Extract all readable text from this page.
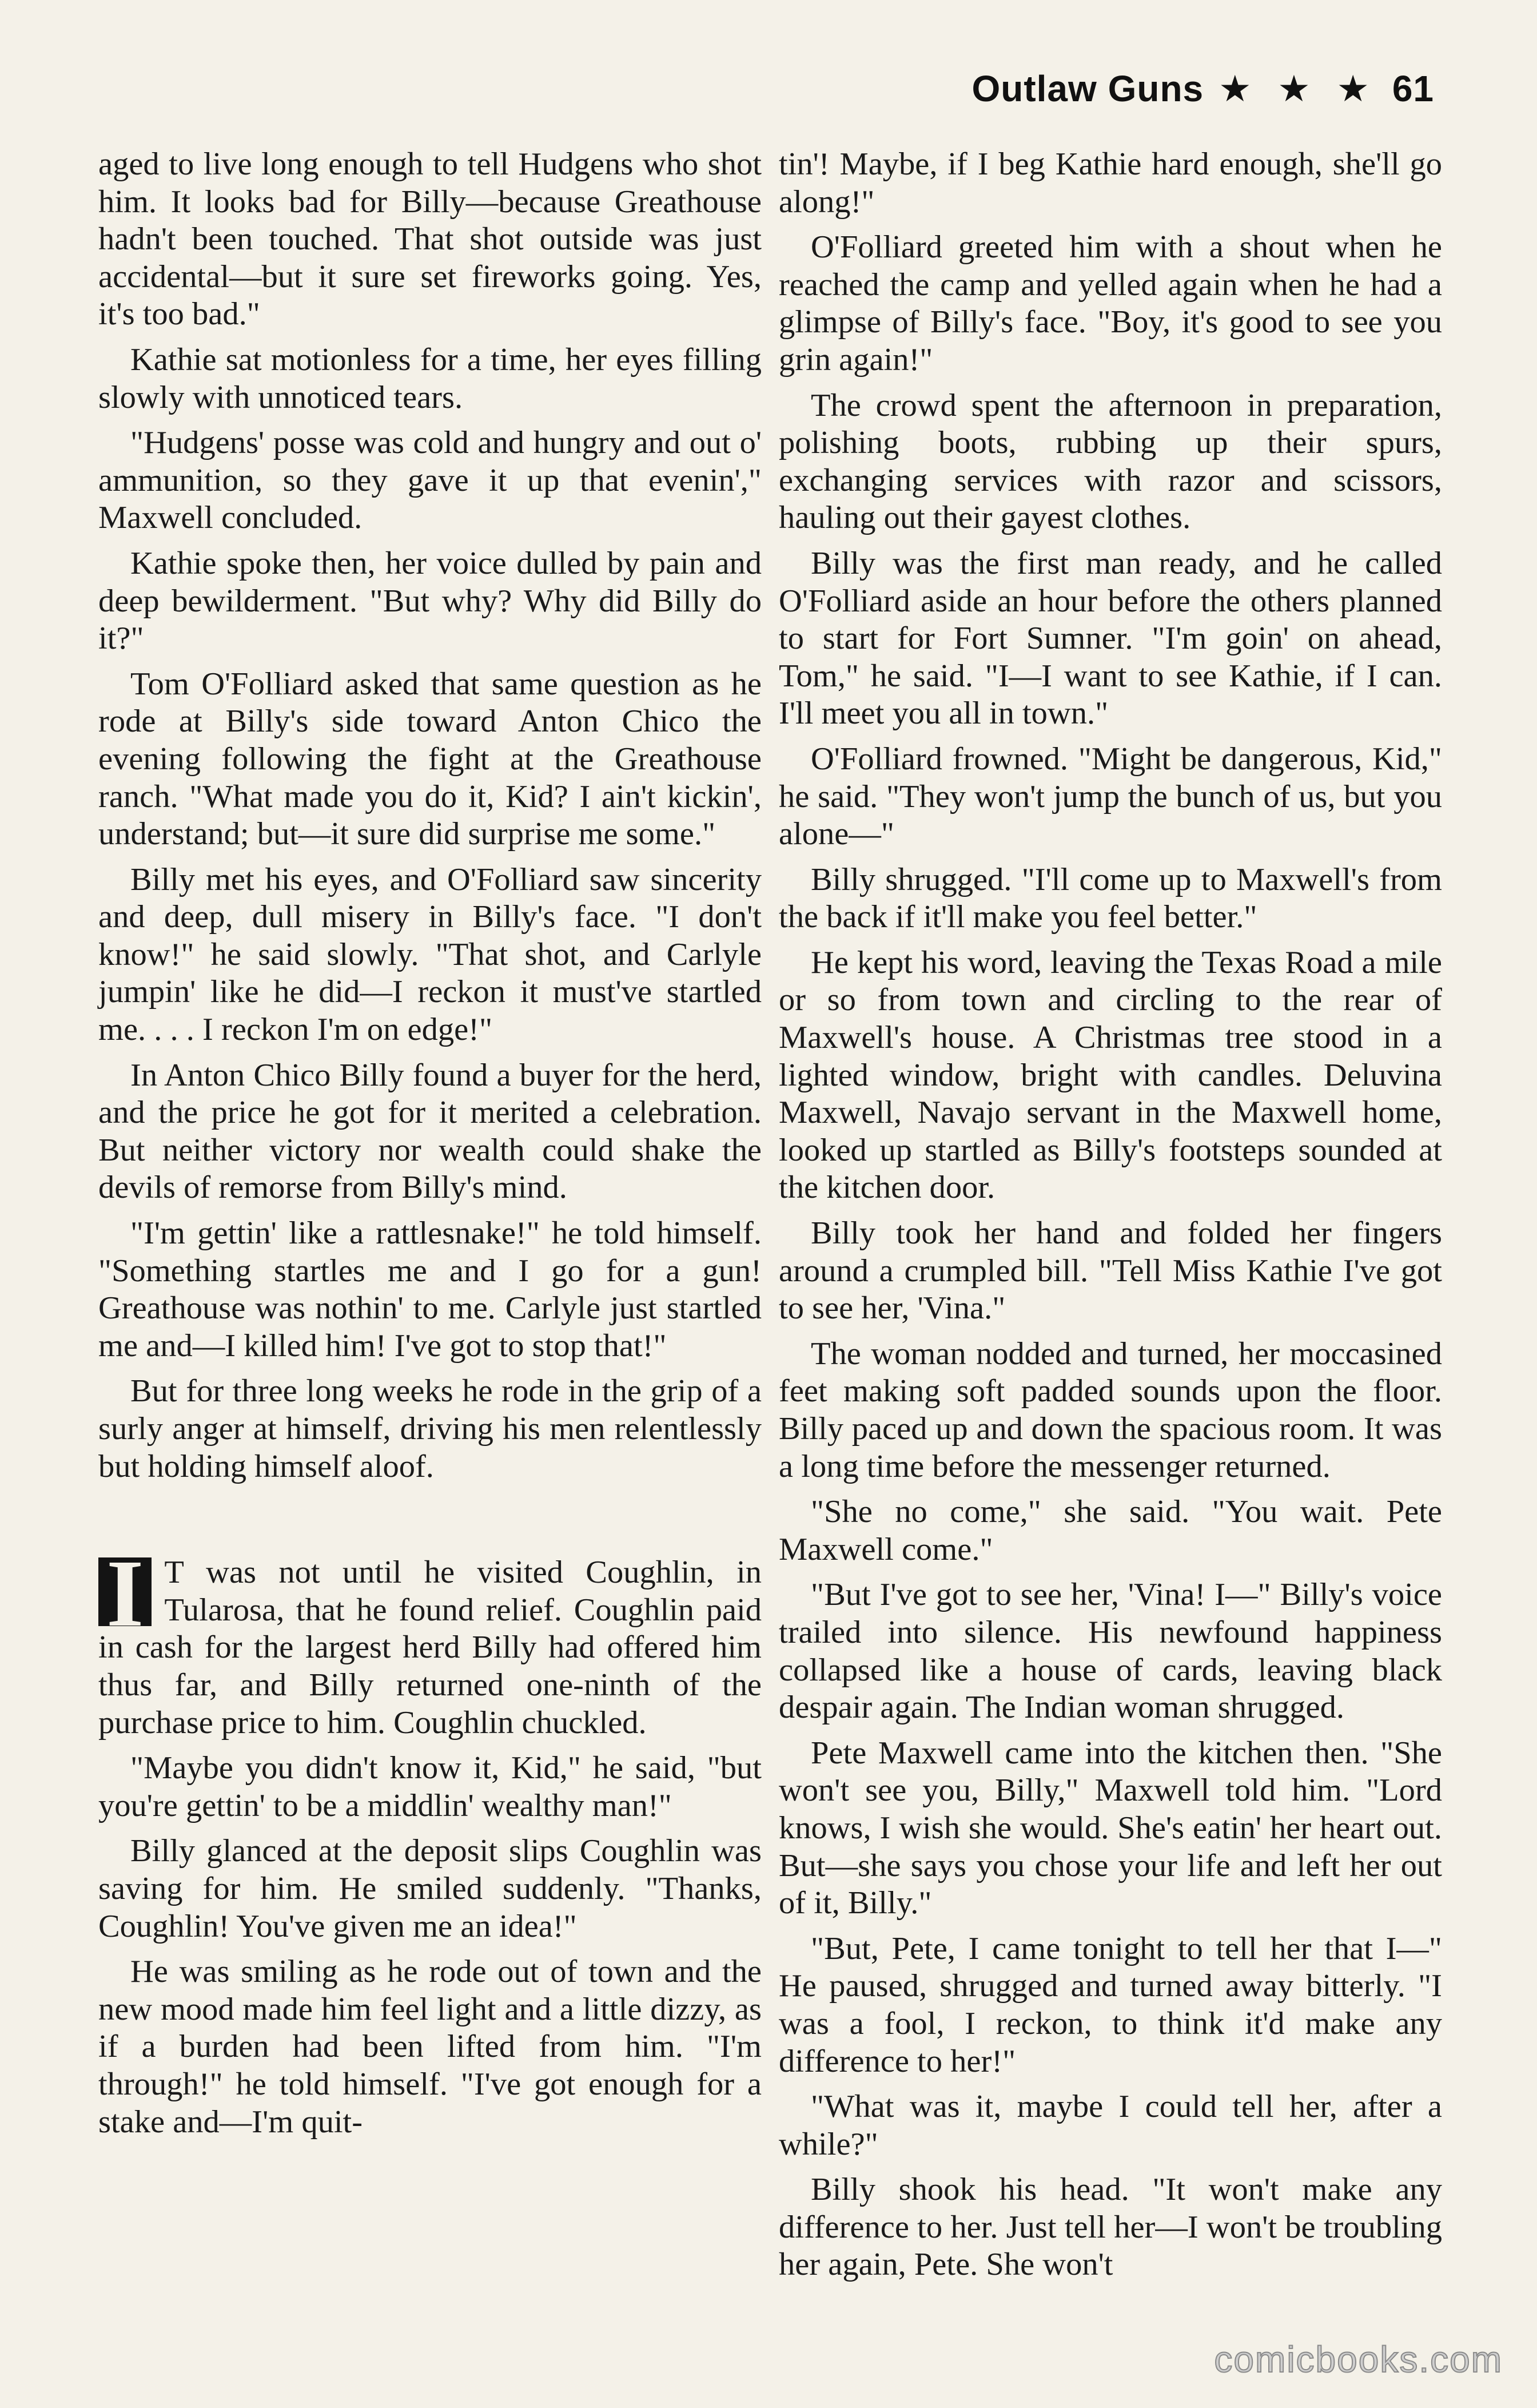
Outlaw Guns ★ ★ ★ 61

aged to live long enough to tell Hudgens who shot him. It looks bad for Billy—because Greathouse hadn't been touched. That shot outside was just accidental—but it sure set fireworks going. Yes, it's too bad."

Kathie sat motionless for a time, her eyes filling slowly with unnoticed tears.

"Hudgens' posse was cold and hungry and out o' ammunition, so they gave it up that evenin'," Maxwell concluded.

Kathie spoke then, her voice dulled by pain and deep bewilderment. "But why? Why did Billy do it?"

Tom O'Folliard asked that same question as he rode at Billy's side toward Anton Chico the evening following the fight at the Greathouse ranch. "What made you do it, Kid? I ain't kickin', understand; but—it sure did surprise me some."

Billy met his eyes, and O'Folliard saw sincerity and deep, dull misery in Billy's face. "I don't know!" he said slowly. "That shot, and Carlyle jumpin' like he did—I reckon it must've startled me. . . . I reckon I'm on edge!"

In Anton Chico Billy found a buyer for the herd, and the price he got for it merited a celebration. But neither victory nor wealth could shake the devils of remorse from Billy's mind.

"I'm gettin' like a rattlesnake!" he told himself. "Something startles me and I go for a gun! Greathouse was nothin' to me. Carlyle just startled me and—I killed him! I've got to stop that!"

But for three long weeks he rode in the grip of a surly anger at himself, driving his men relentlessly but holding himself aloof.

I T was not until he visited Coughlin, in Tularosa, that he found relief. Coughlin paid in cash for the largest herd Billy had offered him thus far, and Billy returned one-ninth of the purchase price to him. Coughlin chuckled.

"Maybe you didn't know it, Kid," he said, "but you're gettin' to be a middlin' wealthy man!"

Billy glanced at the deposit slips Coughlin was saving for him. He smiled suddenly. "Thanks, Coughlin! You've given me an idea!"

He was smiling as he rode out of town and the new mood made him feel light and a little dizzy, as if a burden had been lifted from him. "I'm through!" he told himself. "I've got enough for a stake and—I'm quit-

tin'! Maybe, if I beg Kathie hard enough, she'll go along!"

O'Folliard greeted him with a shout when he reached the camp and yelled again when he had a glimpse of Billy's face. "Boy, it's good to see you grin again!"

The crowd spent the afternoon in preparation, polishing boots, rubbing up their spurs, exchanging services with razor and scissors, hauling out their gayest clothes.

Billy was the first man ready, and he called O'Folliard aside an hour before the others planned to start for Fort Sumner. "I'm goin' on ahead, Tom," he said. "I—I want to see Kathie, if I can. I'll meet you all in town."

O'Folliard frowned. "Might be dangerous, Kid," he said. "They won't jump the bunch of us, but you alone—"

Billy shrugged. "I'll come up to Maxwell's from the back if it'll make you feel better."

He kept his word, leaving the Texas Road a mile or so from town and circling to the rear of Maxwell's house. A Christmas tree stood in a lighted window, bright with candles. Deluvina Maxwell, Navajo servant in the Maxwell home, looked up startled as Billy's footsteps sounded at the kitchen door.

Billy took her hand and folded her fingers around a crumpled bill. "Tell Miss Kathie I've got to see her, 'Vina."

The woman nodded and turned, her moccasined feet making soft padded sounds upon the floor. Billy paced up and down the spacious room. It was a long time before the messenger returned.

"She no come," she said. "You wait. Pete Maxwell come."

"But I've got to see her, 'Vina! I—" Billy's voice trailed into silence. His newfound happiness collapsed like a house of cards, leaving black despair again. The Indian woman shrugged.

Pete Maxwell came into the kitchen then. "She won't see you, Billy," Maxwell told him. "Lord knows, I wish she would. She's eatin' her heart out. But—she says you chose your life and left her out of it, Billy."

"But, Pete, I came tonight to tell her that I—" He paused, shrugged and turned away bitterly. "I was a fool, I reckon, to think it'd make any difference to her!"

"What was it, maybe I could tell her, after a while?"

Billy shook his head. "It won't make any difference to her. Just tell her—I won't be troubling her again, Pete. She won't

comicbooks.com
